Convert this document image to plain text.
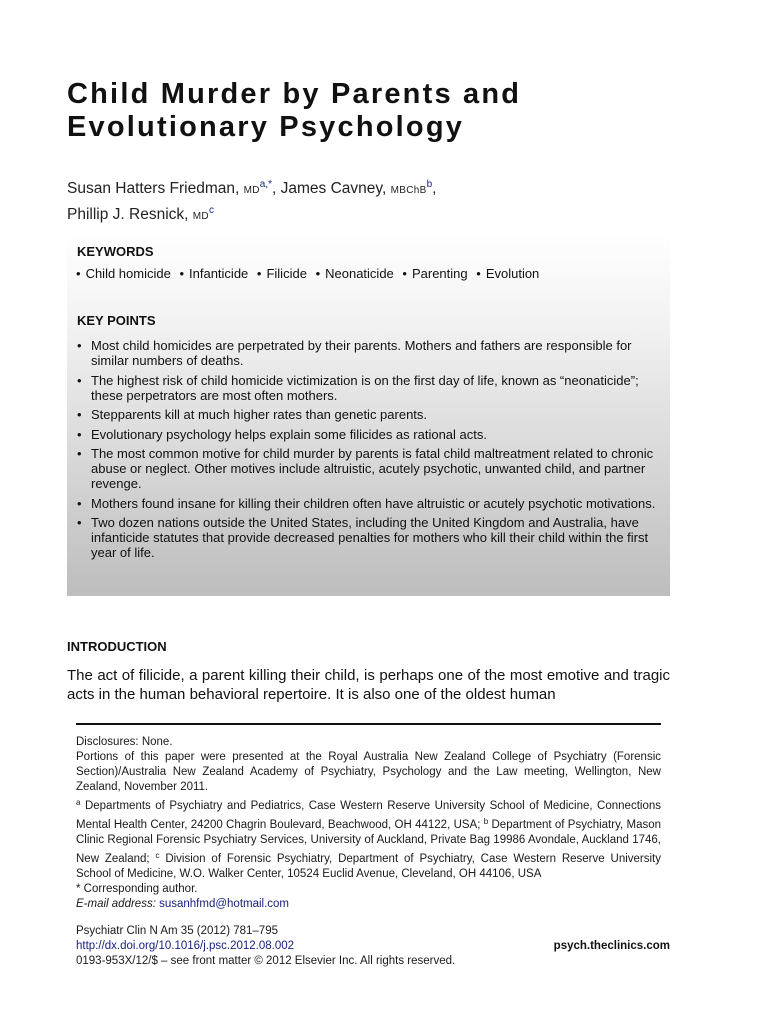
Child Murder by Parents and
Evolutionary Psychology
Susan Hatters Friedman, MD$^{a,*}$, James Cavney, MBChB$^b$,
Phillip J. Resnick, MD$^c$
KEYWORDS
• Child homicide • Infanticide • Filicide • Neonaticide • Parenting • Evolution
KEY POINTS
• Most child homicides are perpetrated by their parents. Mothers and fathers are responsible for similar numbers of deaths.
• The highest risk of child homicide victimization is on the first day of life, known as “neonaticide”; these perpetrators are most often mothers.
• Stepparents kill at much higher rates than genetic parents.
• Evolutionary psychology helps explain some filicides as rational acts.
• The most common motive for child murder by parents is fatal child maltreatment related to chronic abuse or neglect. Other motives include altruistic, acutely psychotic, unwanted child, and partner revenge.
• Mothers found insane for killing their children often have altruistic or acutely psychotic motivations.
• Two dozen nations outside the United States, including the United Kingdom and Australia, have infanticide statutes that provide decreased penalties for mothers who kill their child within the first year of life.
INTRODUCTION
The act of filicide, a parent killing their child, is perhaps one of the most emotive and tragic acts in the human behavioral repertoire. It is also one of the oldest human

Disclosures: None.

Portions of this paper were presented at the Royal Australia New Zealand College of Psychiatry (Forensic Section)/Australia New Zealand Academy of Psychiatry, Psychology and the Law meeting, Wellington, New Zealand, November 2011.

$^a$ Departments of Psychiatry and Pediatrics, Case Western Reserve University School of Medicine, Connections Mental Health Center, 24200 Chagrin Boulevard, Beachwood, OH 44122, USA; $^b$ Department of Psychiatry, Mason Clinic Regional Forensic Psychiatry Services, University of Auckland, Private Bag 19986 Avondale, Auckland 1746, New Zealand; $^c$ Division of Forensic Psychiatry, Department of Psychiatry, Case Western Reserve University School of Medicine, W.O. Walker Center, 10524 Euclid Avenue, Cleveland, OH 44106, USA

* Corresponding author.

E-mail address: susanhfmd@hotmail.com

Psychiatr Clin N Am 35 (2012) 781–795

http://dx.doi.org/10.1016/j.psc.2012.08.002

0193-953X/12/$ – see front matter © 2012 Elsevier Inc. All rights reserved.

psych.theclinics.com
